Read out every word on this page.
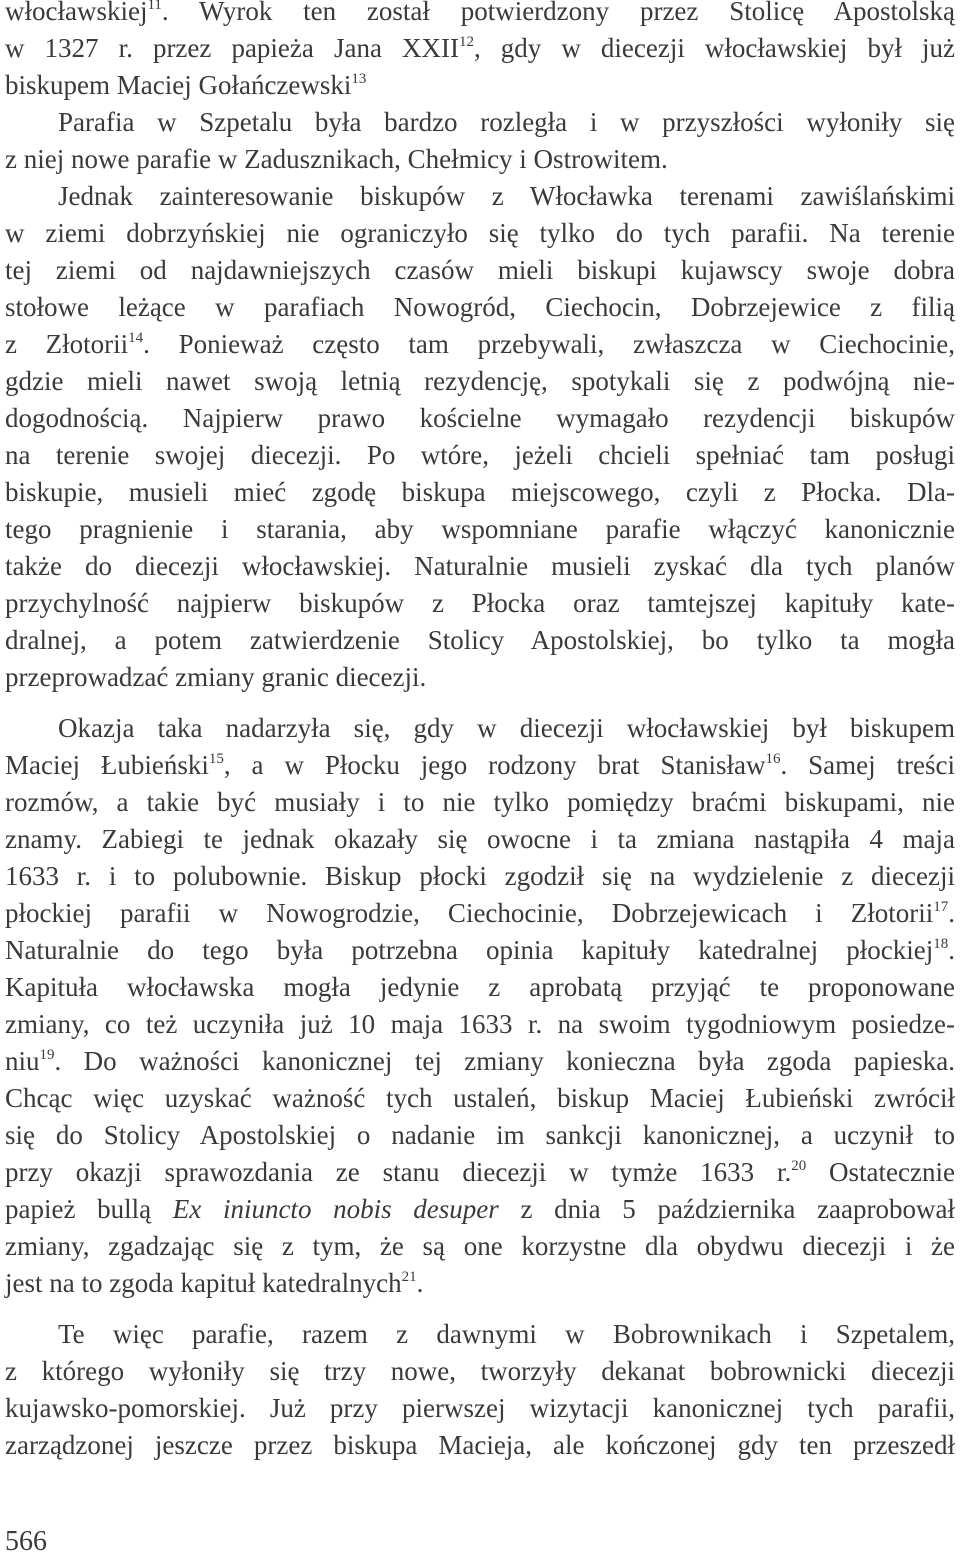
włocławskiej$^{11}$. Wyrok ten został potwierdzony przez Stolicę Apostolską
w 1327 r. przez papieża Jana XXII$^{12}$, gdy w diecezji włocławskiej był już
biskupem Maciej Gołańczewski$^{13}$
Parafia w Szpetalu była bardzo rozległa i w przyszłości wyłoniły się
z niej nowe parafie w Zadusznikach, Chełmicy i Ostrowitem.
Jednak zainteresowanie biskupów z Włocławka terenami zawiślańskimi
w ziemi dobrzyńskiej nie ograniczyło się tylko do tych parafii. Na terenie
tej ziemi od najdawniejszych czasów mieli biskupi kujawscy swoje dobra
stołowe leżące w parafiach Nowogród, Ciechocin, Dobrzejewice z filią
z Złotorii$^{14}$. Ponieważ często tam przebywali, zwłaszcza w Ciechocinie,
gdzie mieli nawet swoją letnią rezydencję, spotykali się z podwójną nie-
dogodnością. Najpierw prawo kościelne wymagało rezydencji biskupów
na terenie swojej diecezji. Po wtóre, jeżeli chcieli spełniać tam posługi
biskupie, musieli mieć zgodę biskupa miejscowego, czyli z Płocka. Dla-
tego pragnienie i starania, aby wspomniane parafie włączyć kanonicznie
także do diecezji włocławskiej. Naturalnie musieli zyskać dla tych planów
przychylność najpierw biskupów z Płocka oraz tamtejszej kapituły kate-
dralnej, a potem zatwierdzenie Stolicy Apostolskiej, bo tylko ta mogła
przeprowadzać zmiany granic diecezji.
Okazja taka nadarzyła się, gdy w diecezji włocławskiej był biskupem
Maciej Łubieński$^{15}$, a w Płocku jego rodzony brat Stanisław$^{16}$. Samej treści
rozmów, a takie być musiały i to nie tylko pomiędzy braćmi biskupami, nie
znamy. Zabiegi te jednak okazały się owocne i ta zmiana nastąpiła 4 maja
1633 r. i to polubownie. Biskup płocki zgodził się na wydzielenie z diecezji
płockiej parafii w Nowogrodzie, Ciechocinie, Dobrzejewicach i Złotorii$^{17}$.
Naturalnie do tego była potrzebna opinia kapituły katedralnej płockiej$^{18}$.
Kapituła włocławska mogła jedynie z aprobatą przyjąć te proponowane
zmiany, co też uczyniła już 10 maja 1633 r. na swoim tygodniowym posiedze-
niu$^{19}$. Do ważności kanonicznej tej zmiany konieczna była zgoda papieska.
Chcąc więc uzyskać ważność tych ustaleń, biskup Maciej Łubieński zwrócił
się do Stolicy Apostolskiej o nadanie im sankcji kanonicznej, a uczynił to
przy okazji sprawozdania ze stanu diecezji w tymże 1633 r.$^{20}$ Ostatecznie
papież bullą Ex iniuncto nobis desuper z dnia 5 października zaaprobował
zmiany, zgadzając się z tym, że są one korzystne dla obydwu diecezji i że
jest na to zgoda kapituł katedralnych$^{21}$.
Te więc parafie, razem z dawnymi w Bobrownikach i Szpetalem,
z którego wyłoniły się trzy nowe, tworzyły dekanat bobrownicki diecezji
kujawsko-pomorskiej. Już przy pierwszej wizytacji kanonicznej tych parafii,
zarządzonej jeszcze przez biskupa Macieja, ale kończonej gdy ten przeszedł
566
